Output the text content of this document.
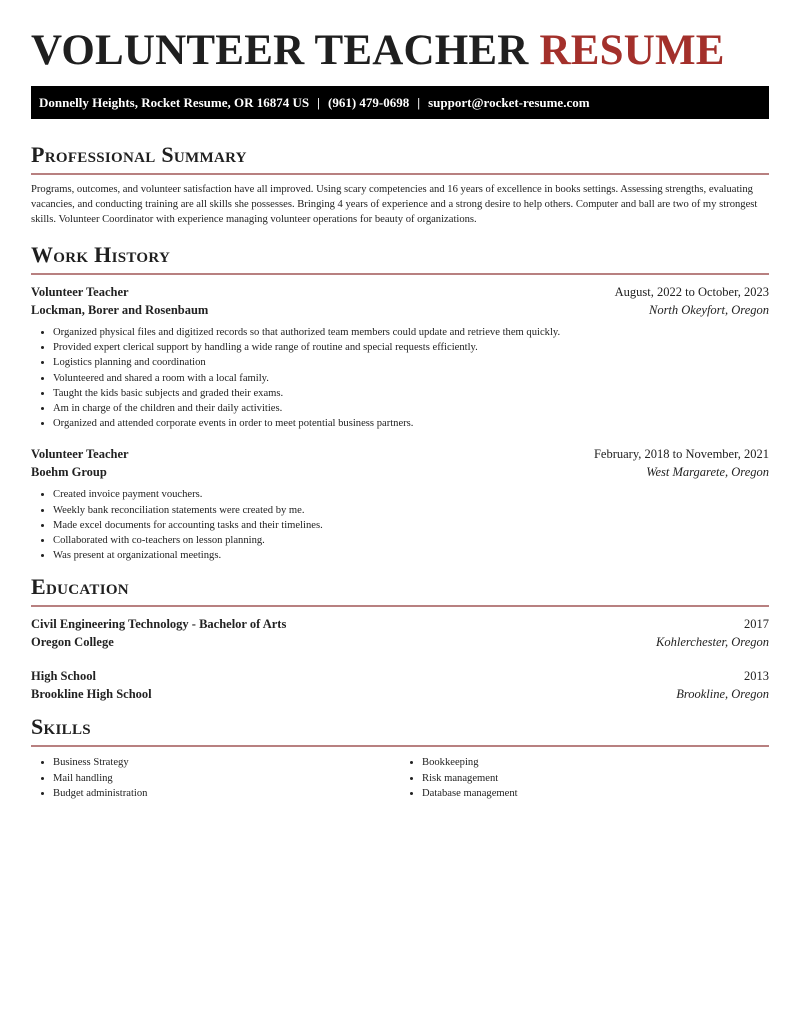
VOLUNTEER TEACHER RESUME
Donnelly Heights, Rocket Resume, OR 16874 US | (961) 479-0698 | support@rocket-resume.com
Professional Summary

Programs, outcomes, and volunteer satisfaction have all improved. Using scary competencies and 16 years of excellence in books settings. Assessing strengths, evaluating vacancies, and conducting training are all skills she possesses. Bringing 4 years of experience and a strong desire to help others. Computer and ball are two of my strongest skills. Volunteer Coordinator with experience managing volunteer operations for beauty of organizations.

Work History
Volunteer Teacher	August, 2022 to October, 2023
Lockman, Borer and Rosenbaum	North Okeyfort, Oregon
• Organized physical files and digitized records so that authorized team members could update and retrieve them quickly.
• Provided expert clerical support by handling a wide range of routine and special requests efficiently.
• Logistics planning and coordination
• Volunteered and shared a room with a local family.
• Taught the kids basic subjects and graded their exams.
• Am in charge of the children and their daily activities.
• Organized and attended corporate events in order to meet potential business partners.
Volunteer Teacher	February, 2018 to November, 2021
Boehm Group	West Margarete, Oregon
• Created invoice payment vouchers.
• Weekly bank reconciliation statements were created by me.
• Made excel documents for accounting tasks and their timelines.
• Collaborated with co-teachers on lesson planning.
• Was present at organizational meetings.
Education
Civil Engineering Technology - Bachelor of Arts	2017
Oregon College	Kohlerchester, Oregon
High School	2013
Brookline High School	Brookline, Oregon
Skills
• Business Strategy
• Mail handling
• Budget administration
• Bookkeeping
• Risk management
• Database management
